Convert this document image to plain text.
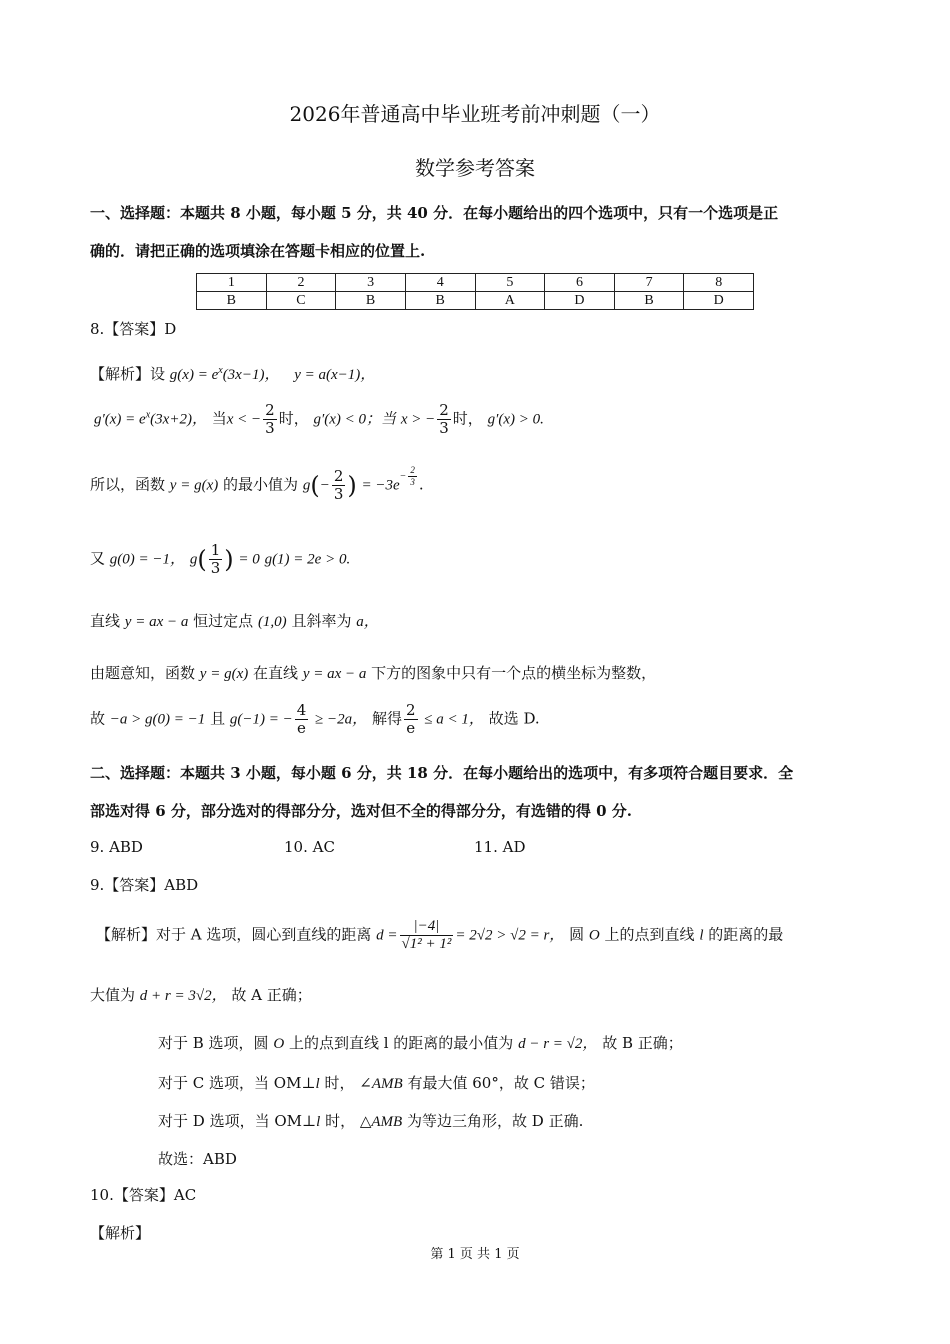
2026年普通高中毕业班考前冲刺题（一）
数学参考答案
一、选择题：本题共 8 小题，每小题 5 分，共 40 分．在每小题给出的四个选项中，只有一个选项是正
确的．请把正确的选项填涂在答题卡相应的位置上.
1	2	3	4	5	6	7	8
B	C	B	B	A	D	B	D
8.【答案】D
【解析】设 $g(x) = e^x(3x-1)$， y = a(x−1)，
$g'(x) = e^x(3x+2)$， 当x < − $\frac{2}{3}$ 时， g′(x) < 0；当 x > − $\frac{2}{3}$ 时， g′(x) > 0.
所以，函数 y = g(x) 的最小值为 $g(- \frac{2}{3}$ ) = $-3e^{- \frac{2}{3}}$ .
又 g(0) = −1， $g( \frac{1}{3}$ ) = 0 g(1) = 2e > 0.
直线 y = ax − a 恒过定点 (1,0) 且斜率为 a，
由题意知，函数 y = g(x) 在直线 y = ax − a 下方的图象中只有一个点的横坐标为整数，
故 −a > g(0) = −1 且 g(−1) = − $\frac{4}{e} \ge -2a$， 解得 $\frac{2}{e} \le a < 1$， 故选 D.
二、选择题：本题共 3 小题，每小题 6 分，共 18 分．在每小题给出的选项中，有多项符合题目要求．全
部选对得 6 分，部分选对的得部分分，选对但不全的得部分分，有选错的得 0 分.
9. ABD	10. AC	11. AD
9.【答案】ABD
【解析】对于 A 选项，圆心到直线的距离 $d = \frac{|-4|}{\text{√1² + 1²}} = 2√2 > √2 = r$， 圆 O 上的点到直线 l 的距离的最
大值为 d + r = 3√2， 故 A 正确；
对于 B 选项，圆 O 上的点到直线 l 的距离的最小值为 d − r = √2， 故 B 正确；
对于 C 选项，当 OM⊥l 时， ∠AMB 有最大值 60°，故 C 错误；
对于 D 选项，当 OM⊥l 时， △AMB 为等边三角形，故 D 正确.
故选：ABD
10.【答案】AC
【解析】
第 1 页 共 1 页
